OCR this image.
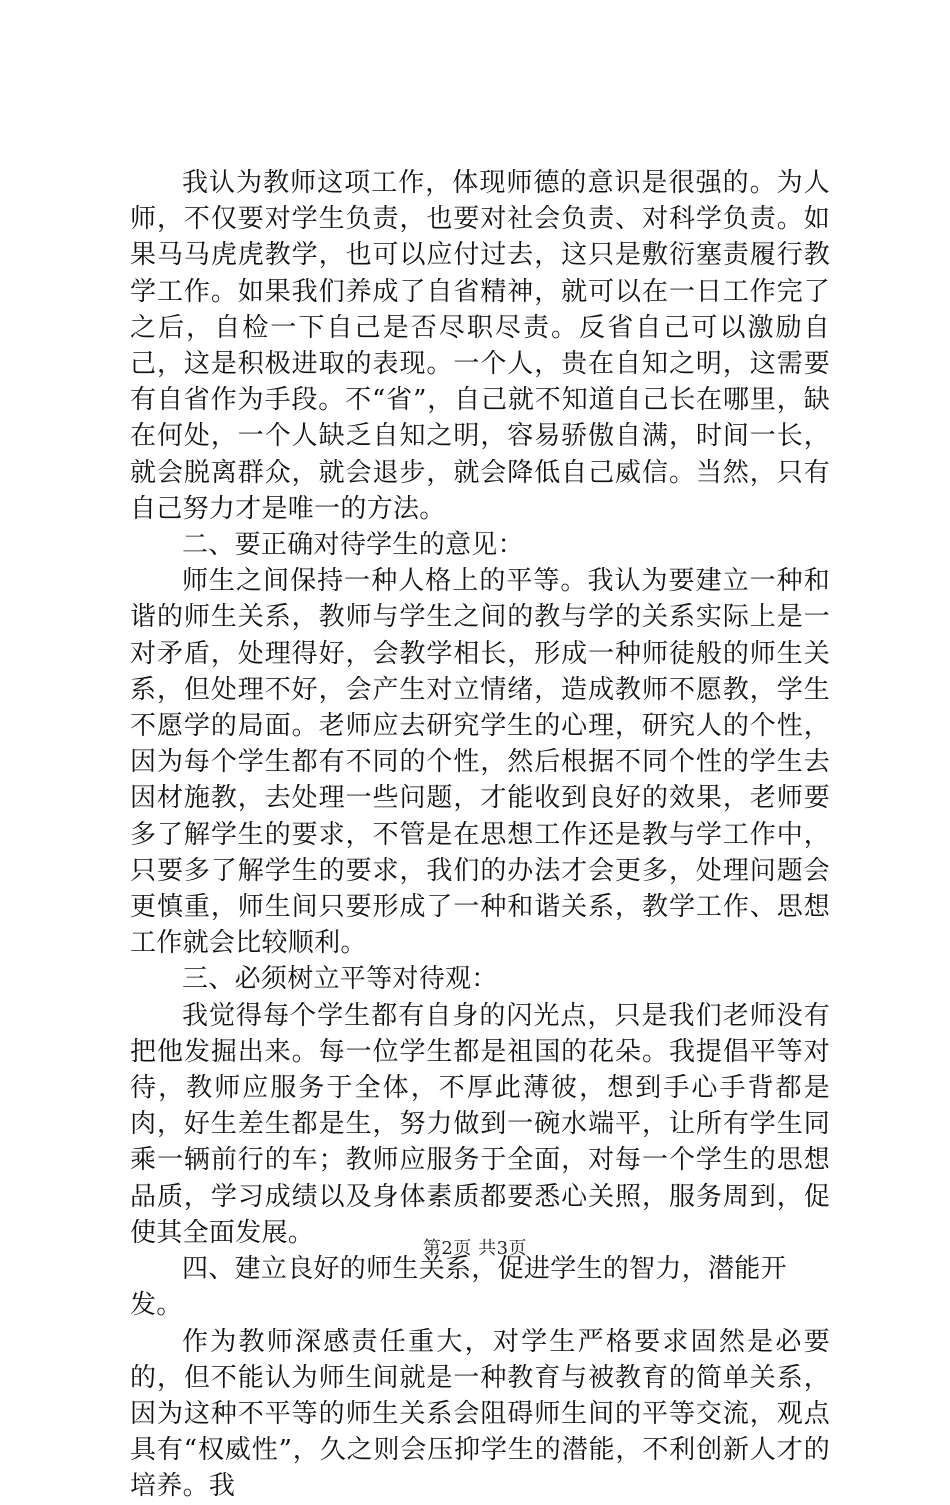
我认为教师这项工作，体现师德的意识是很强的。为人师，不仅要对学生负责，也要对社会负责、对科学负责。如果马马虎虎教学，也可以应付过去，这只是敷衍塞责履行教学工作。如果我们养成了自省精神，就可以在一日工作完了之后，自检一下自己是否尽职尽责。反省自己可以激励自己，这是积极进取的表现。一个人，贵在自知之明，这需要有自省作为手段。不“省”，自己就不知道自己长在哪里，缺在何处，一个人缺乏自知之明，容易骄傲自满，时间一长，就会脱离群众，就会退步，就会降低自己威信。当然，只有自己努力才是唯一的方法。

二、要正确对待学生的意见：

师生之间保持一种人格上的平等。我认为要建立一种和谐的师生关系，教师与学生之间的教与学的关系实际上是一对矛盾，处理得好，会教学相长，形成一种师徒般的师生关系，但处理不好，会产生对立情绪，造成教师不愿教，学生不愿学的局面。老师应去研究学生的心理，研究人的个性，因为每个学生都有不同的个性，然后根据不同个性的学生去因材施教，去处理一些问题，才能收到良好的效果，老师要多了解学生的要求，不管是在思想工作还是教与学工作中，只要多了解学生的要求，我们的办法才会更多，处理问题会更慎重，师生间只要形成了一种和谐关系，教学工作、思想工作就会比较顺利。

三、必须树立平等对待观：

我觉得每个学生都有自身的闪光点，只是我们老师没有把他发掘出来。每一位学生都是祖国的花朵。我提倡平等对待，教师应服务于全体，不厚此薄彼，想到手心手背都是肉，好生差生都是生，努力做到一碗水端平，让所有学生同乘一辆前行的车；教师应服务于全面，对每一个学生的思想品质，学习成绩以及身体素质都要悉心关照，服务周到，促使其全面发展。

四、建立良好的师生关系，促进学生的智力，潜能开发。

作为教师深感责任重大，对学生严格要求固然是必要的，但不能认为师生间就是一种教育与被教育的简单关系，因为这种不平等的师生关系会阻碍师生间的平等交流，观点具有“权威性”，久之则会压抑学生的潜能，不利创新人才的培养。我

第2页 共3页
